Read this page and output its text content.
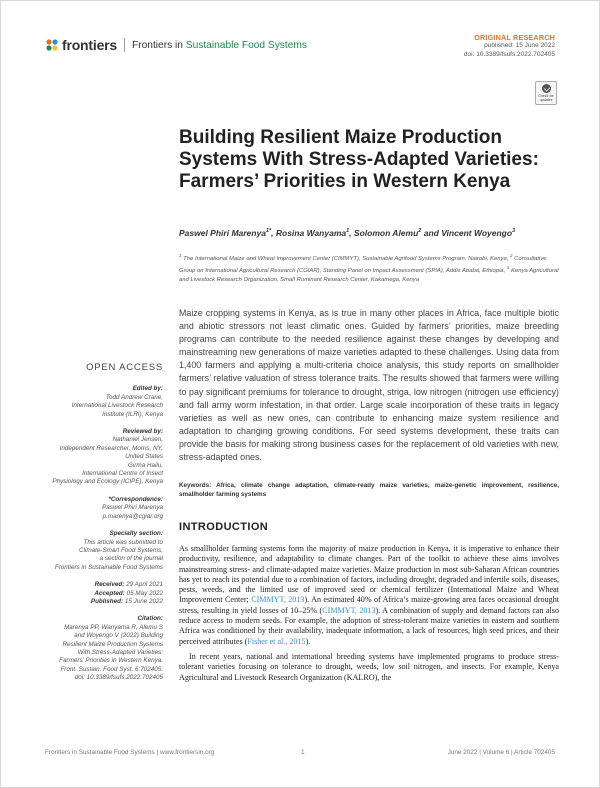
frontiers Frontiers in Sustainable Food Systems
ORIGINAL RESEARCH
published: 15 June 2022
doi: 10.3389/fsufs.2022.702405
Check for
updates
Building Resilient Maize Production Systems With Stress-Adapted Varieties: Farmers’ Priorities in Western Kenya
Paswel Phiri Marenya$^{1*}$, Rosina Wanyama$^1$, Solomon Alemu$^2$ and Vincent Woyengo$^3$
$^1$ The International Maize and Wheat Improvement Center (CIMMYT), Sustainable Agrifood Systems Program, Nairobi, Kenya, $^2$ Consultative Group on International Agricultural Research (CGIAR), Standing Panel on Impact Assessment (SPIA), Addis Ababa, Ethiopia, $^3$ Kenya Agricultural and Livestock Research Organization, Small Ruminant Research Center, Kakamega, Kenya

Maize cropping systems in Kenya, as is true in many other places in Africa, face multiple biotic and abiotic stressors not least climatic ones. Guided by farmers’ priorities, maize breeding programs can contribute to the needed resilience against these changes by developing and mainstreaming new generations of maize varieties adapted to these challenges. Using data from 1,400 farmers and applying a multi-criteria choice analysis, this study reports on smallholder farmers’ relative valuation of stress tolerance traits. The results showed that farmers were willing to pay significant premiums for tolerance to drought, striga, low nitrogen (nitrogen use efficiency) and fall army worm infestation, in that order. Large scale incorporation of these traits in legacy varieties as well as new ones, can contribute to enhancing maize system resilience and adaptation to changing growing conditions. For seed systems development, these traits can provide the basis for making strong business cases for the replacement of old varieties with new, stress-adapted ones.

Keywords: Africa, climate change adaptation, climate-ready maize varieties, maize-genetic improvement, resilience, smallholder farming systems
OPEN ACCESS
Edited by:
Todd Andrew Crane,
International Livestock Research
Institute (ILRI), Kenya
Reviewed by:
Nathaniel Jensen,
Independent Researcher, Morris, NY,
United States
Girma Hailu,
International Centre of Insect
Physiology and Ecology (ICIPE), Kenya
*Correspondence:
Paswel Phiri Marenya
p.marenya@cgiar.org
Specialty section:
This article was submitted to
Climate-Smart Food Systems,
a section of the journal
Frontiers in Sustainable Food Systems
Received: 29 April 2021
Accepted: 05 May 2022
Published: 15 June 2022
Citation:
Marenya PP, Wanyama R, Alemu S
and Woyengo V (2022) Building
Resilient Maize Production Systems
With Stress-Adapted Varieties:
Farmers’ Priorities in Western Kenya.
Front. Sustain. Food Syst. 6:702405.
doi: 10.3389/fsufs.2022.702405
INTRODUCTION

As smallholder farming systems form the majority of maize production in Kenya, it is imperative to enhance their productivity, resilience, and adaptability to climate changes. Part of the toolkit to achieve these aims involves mainstreaming stress- and climate-adapted maize varieties. Maize production in most sub-Saharan African countries has yet to reach its potential due to a combination of factors, including drought, degraded and infertile soils, diseases, pests, weeds, and the limited use of improved seed or chemical fertilizer (International Maize and Wheat Improvement Center; CIMMYT, 2013). An estimated 40% of Africa’s maize-growing area faces occasional drought stress, resulting in yield losses of 10–25% (CIMMYT, 2013). A combination of supply and demand factors can also reduce access to modern seeds. For example, the adoption of stress-tolerant maize varieties in eastern and southern Africa was conditioned by their availability, inadequate information, a lack of resources, high seed prices, and their perceived attributes (Fisher et al., 2015).

In recent years, national and international breeding systems have implemented programs to produce stress-tolerant varieties focusing on tolerance to drought, weeds, low soil nitrogen, and insects. For example, Kenya Agricultural and Livestock Research Organization (KALRO), the

Frontiers in Sustainable Food Systems | www.frontiersin.org	1	June 2022 | Volume 6 | Article 702405
